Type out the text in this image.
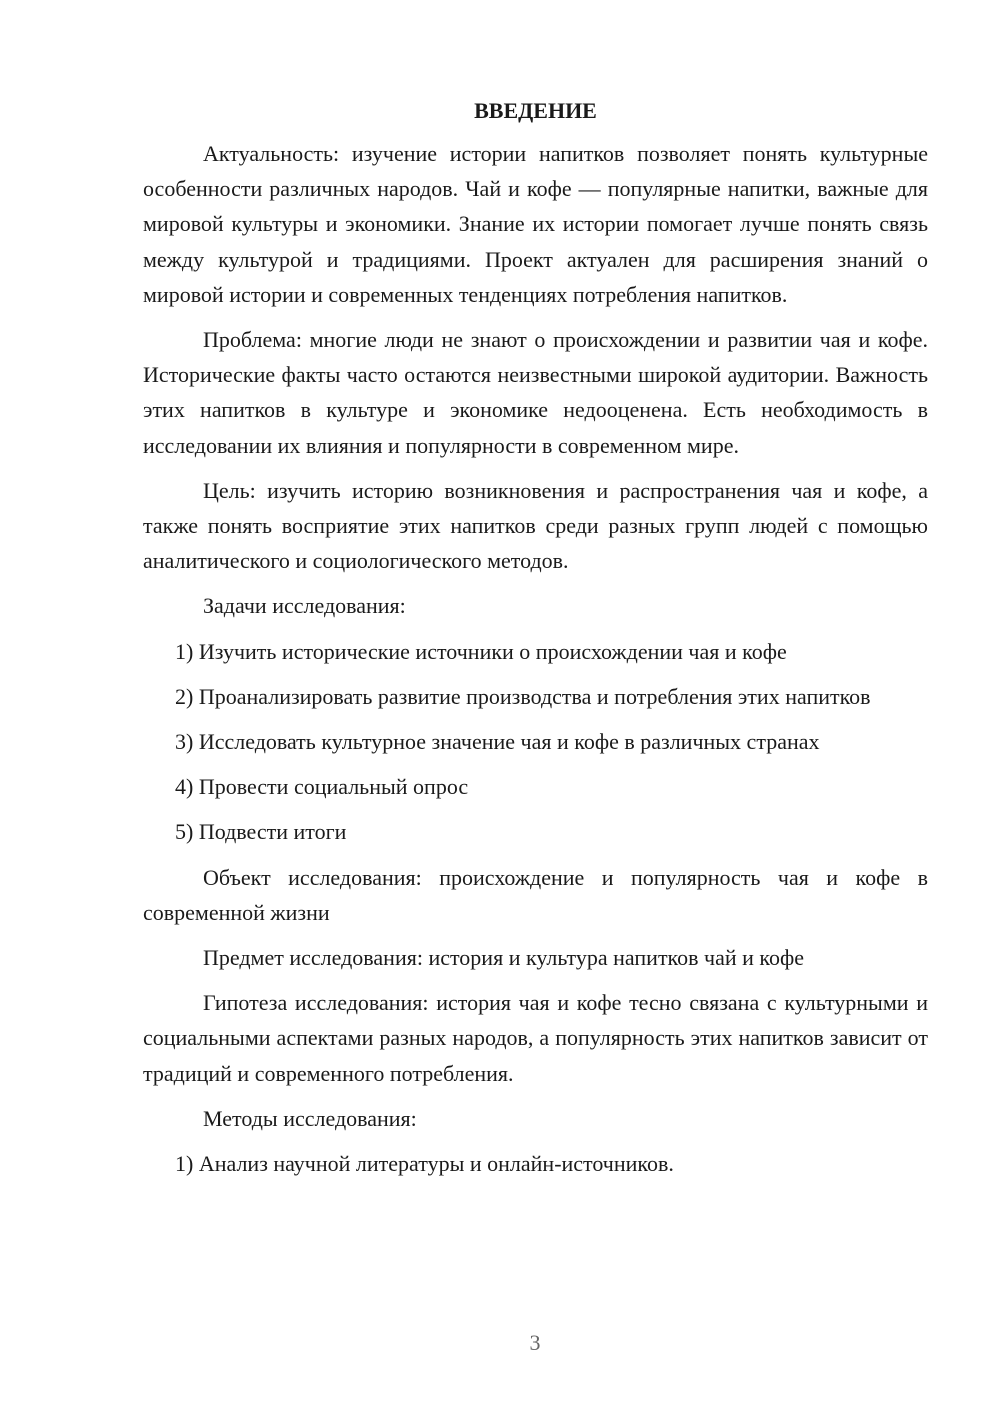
ВВЕДЕНИЕ

Актуальность: изучение истории напитков позволяет понять культурные особенности различных народов. Чай и кофе — популярные напитки, важные для мировой культуры и экономики. Знание их истории помогает лучше понять связь между культурой и традициями. Проект актуален для расширения знаний о мировой истории и современных тенденциях потребления напитков.

Проблема: многие люди не знают о происхождении и развитии чая и кофе. Исторические факты часто остаются неизвестными широкой аудитории. Важность этих напитков в культуре и экономике недооценена. Есть необходимость в исследовании их влияния и популярности в современном мире.

Цель: изучить историю возникновения и распространения чая и кофе, а также понять восприятие этих напитков среди разных групп людей с помощью аналитического и социологического методов.

Задачи исследования:

1) Изучить исторические источники о происхождении чая и кофе

2) Проанализировать развитие производства и потребления этих напитков

3) Исследовать культурное значение чая и кофе в различных странах

4) Провести социальный опрос

5) Подвести итоги

Объект исследования: происхождение и популярность чая и кофе в современной жизни

Предмет исследования: история и культура напитков чай и кофе

Гипотеза исследования: история чая и кофе тесно связана с культурными и социальными аспектами разных народов, а популярность этих напитков зависит от традиций и современного потребления.

Методы исследования:

1) Анализ научной литературы и онлайн-источников.

3
